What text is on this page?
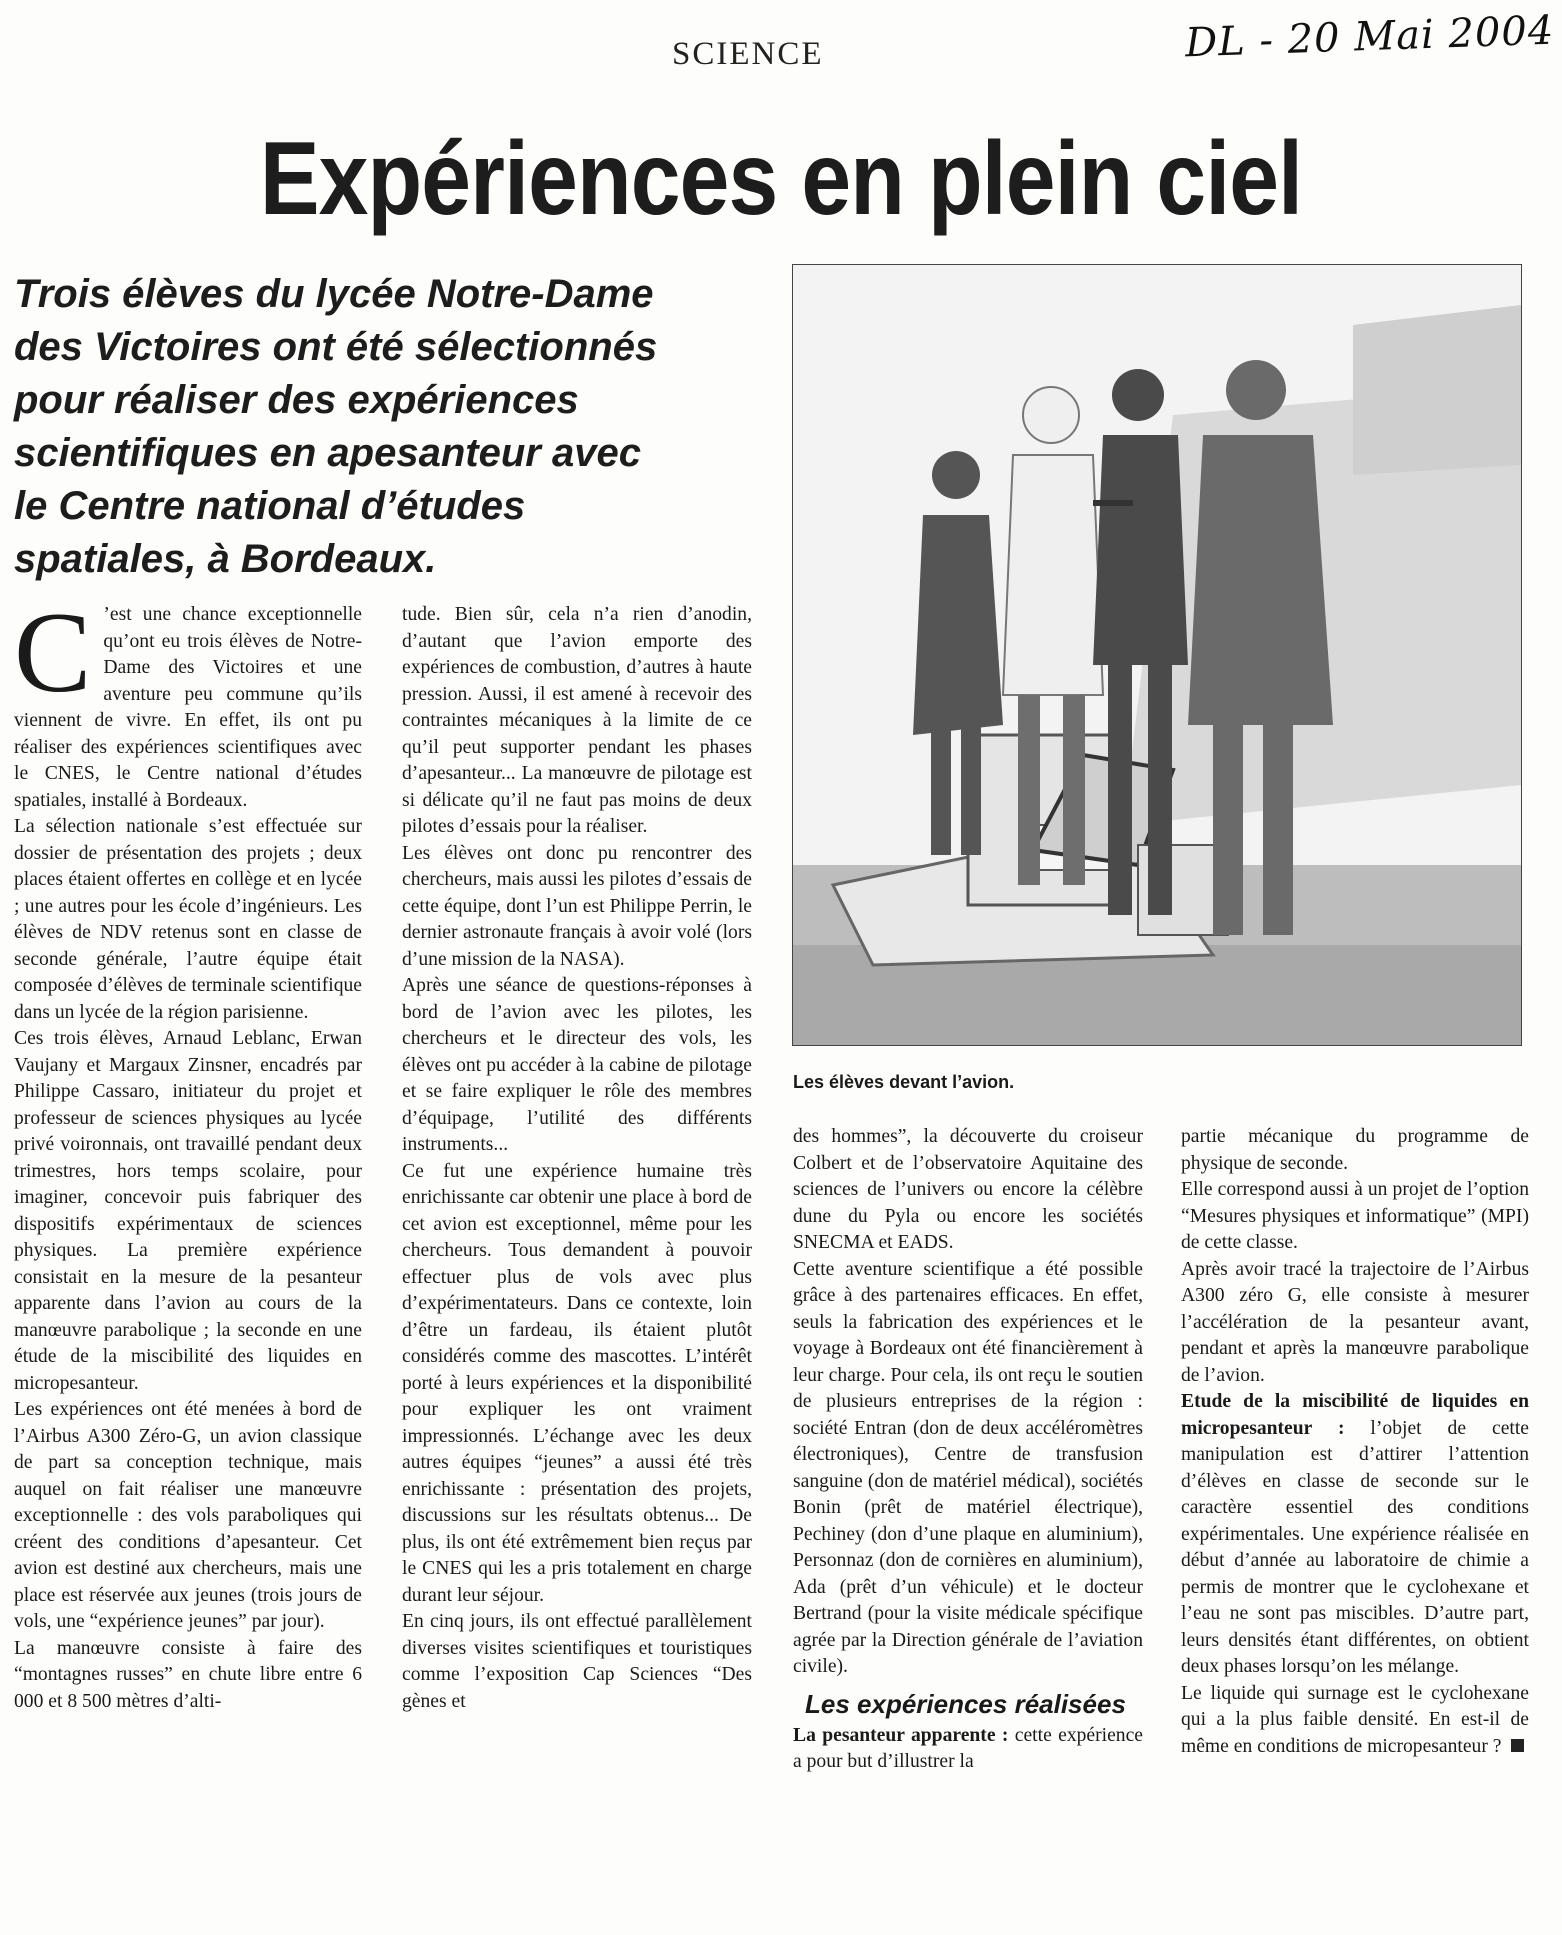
DL - 20 Mai 2004
SCIENCE
Expériences en plein ciel

Trois élèves du lycée Notre-Dame des Victoires ont été sélectionnés pour réaliser des expériences scientifiques en apesanteur avec le Centre national d’études spatiales, à Bordeaux.

C ’est une chance exceptionnelle qu’ont eu trois élèves de Notre-Dame des Victoires et une aventure peu commune qu’ils viennent de vivre. En effet, ils ont pu réaliser des expériences scientifiques avec le CNES, le Centre national d’études spatiales, installé à Bordeaux.

La sélection nationale s’est effectuée sur dossier de présentation des projets ; deux places étaient offertes en collège et en lycée ; une autres pour les école d’ingénieurs. Les élèves de NDV retenus sont en classe de seconde générale, l’autre équipe était composée d’élèves de terminale scientifique dans un lycée de la région parisienne.

Ces trois élèves, Arnaud Leblanc, Erwan Vaujany et Margaux Zinsner, encadrés par Philippe Cassaro, initiateur du projet et professeur de sciences physiques au lycée privé voironnais, ont travaillé pendant deux trimestres, hors temps scolaire, pour imaginer, concevoir puis fabriquer des dispositifs expérimentaux de sciences physiques. La première expérience consistait en la mesure de la pesanteur apparente dans l’avion au cours de la manœuvre parabolique ; la seconde en une étude de la miscibilité des liquides en micropesanteur.

Les expériences ont été menées à bord de l’Airbus A300 Zéro-G, un avion classique de part sa conception technique, mais auquel on fait réaliser une manœuvre exceptionnelle : des vols paraboliques qui créent des conditions d’apesanteur. Cet avion est destiné aux chercheurs, mais une place est réservée aux jeunes (trois jours de vols, une “expérience jeunes” par jour).

La manœuvre consiste à faire des “montagnes russes” en chute libre entre 6 000 et 8 500 mètres d’alti-

tude. Bien sûr, cela n’a rien d’anodin, d’autant que l’avion emporte des expériences de combustion, d’autres à haute pression. Aussi, il est amené à recevoir des contraintes mécaniques à la limite de ce qu’il peut supporter pendant les phases d’apesanteur... La manœuvre de pilotage est si délicate qu’il ne faut pas moins de deux pilotes d’essais pour la réaliser.

Les élèves ont donc pu rencontrer des chercheurs, mais aussi les pilotes d’essais de cette équipe, dont l’un est Philippe Perrin, le dernier astronaute français à avoir volé (lors d’une mission de la NASA).

Après une séance de questions-réponses à bord de l’avion avec les pilotes, les chercheurs et le directeur des vols, les élèves ont pu accéder à la cabine de pilotage et se faire expliquer le rôle des membres d’équipage, l’utilité des différents instruments...

Ce fut une expérience humaine très enrichissante car obtenir une place à bord de cet avion est exceptionnel, même pour les chercheurs. Tous demandent à pouvoir effectuer plus de vols avec plus d’expérimentateurs. Dans ce contexte, loin d’être un fardeau, ils étaient plutôt considérés comme des mascottes. L’intérêt porté à leurs expériences et la disponibilité pour expliquer les ont vraiment impressionnés. L’échange avec les deux autres équipes “jeunes” a aussi été très enrichissante : présentation des projets, discussions sur les résultats obtenus... De plus, ils ont été extrêmement bien reçus par le CNES qui les a pris totalement en charge durant leur séjour.

En cinq jours, ils ont effectué parallèlement diverses visites scientifiques et touristiques comme l’exposition Cap Sciences “Des gènes et

Les élèves devant l’avion.

des hommes”, la découverte du croiseur Colbert et de l’observatoire Aquitaine des sciences de l’univers ou encore la célèbre dune du Pyla ou encore les sociétés SNECMA et EADS.

Cette aventure scientifique a été possible grâce à des partenaires efficaces. En effet, seuls la fabrication des expériences et le voyage à Bordeaux ont été financièrement à leur charge. Pour cela, ils ont reçu le soutien de plusieurs entreprises de la région : société Entran (don de deux accéléromètres électroniques), Centre de transfusion sanguine (don de matériel médical), sociétés Bonin (prêt de matériel électrique), Pechiney (don d’une plaque en aluminium), Personnaz (don de cornières en aluminium), Ada (prêt d’un véhicule) et le docteur Bertrand (pour la visite médicale spécifique agrée par la Direction générale de l’aviation civile).

Les expériences réalisées

La pesanteur apparente : cette expérience a pour but d’illustrer la

partie mécanique du programme de physique de seconde.

Elle correspond aussi à un projet de l’option “Mesures physiques et informatique” (MPI) de cette classe.

Après avoir tracé la trajectoire de l’Airbus A300 zéro G, elle consiste à mesurer l’accélération de la pesanteur avant, pendant et après la manœuvre parabolique de l’avion.

Etude de la miscibilité de liquides en micropesanteur : l’objet de cette manipulation est d’attirer l’attention d’élèves en classe de seconde sur le caractère essentiel des conditions expérimentales. Une expérience réalisée en début d’année au laboratoire de chimie a permis de montrer que le cyclohexane et l’eau ne sont pas miscibles. D’autre part, leurs densités étant différentes, on obtient deux phases lorsqu’on les mélange.

Le liquide qui surnage est le cyclohexane qui a la plus faible densité. En est-il de même en conditions de micropesanteur ?
